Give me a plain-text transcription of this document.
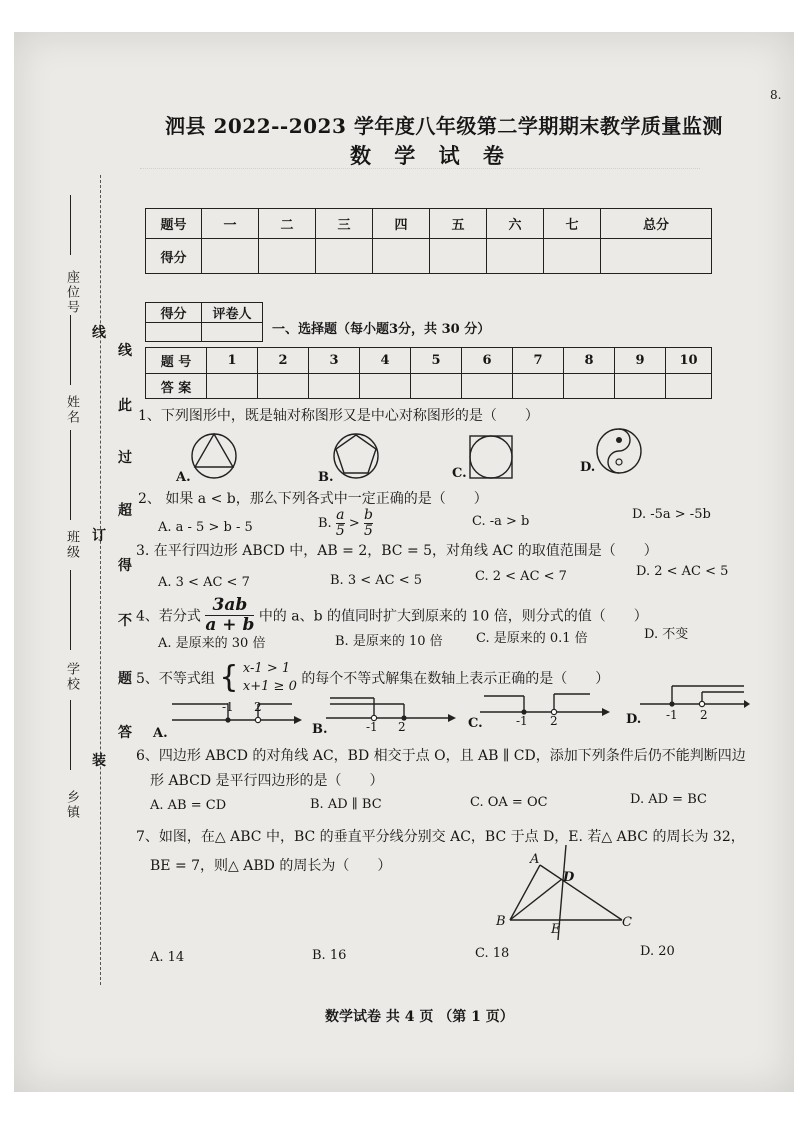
8.
座位号
姓名
班级
学校
乡镇
线
订
装
线
此
过
超
得
不
题
答
泗县 2022--2023 学年度八年级第二学期期末教学质量监测
数 学 试 卷
题号	一	二	三	四	五	六	七	总分
得分								
得分	评卷人

一、选择题（每小题3分，共 30 分）
题 号	1	2	3	4	5	6	7	8	9	10
答 案										
1、下列图形中，既是轴对称图形又是中心对称图形的是（　　）
A.	B.	C.	D.
2、 如果 a < b，那么下列各式中一定正确的是（　　）
A. a - 5 > b - 5	B. $\frac{a}{5} > \frac{b}{5}$	C. -a > b	D. -5a > -5b
3. 在平行四边形 ABCD 中，AB = 2，BC = 5，对角线 AC 的取值范围是（　　）
A. 3 < AC < 7	B. 3 < AC < 5	C. 2 < AC < 7	D. 2 < AC < 5
4、若分式 $\frac{3ab}{a + b}$ 中的 a、b 的值同时扩大到原来的 10 倍，则分式的值（　　）
A. 是原来的 30 倍	B. 是原来的 10 倍	C. 是原来的 0.1 倍	D. 不变
5、不等式组 { x-1 > 1
x+1 ≥ 0 的每个不等式解集在数轴上表示正确的是（　　）
A.
-1 2
B.	-1 2	C.	-1 2	D. -1 2
6、四边形 ABCD 的对角线 AC，BD 相交于点 O，且 AB ∥ CD，添加下列条件后仍不能判断四边
形 ABCD 是平行四边形的是（　　）
A. AB = CD	B. AD ∥ BC	C. OA = OC	D. AD = BC
7、如图，在△ ABC 中，BC 的垂直平分线分别交 AC，BC 于点 D，E. 若△ ABC 的周长为 32，
BE = 7，则△ ABD 的周长为（　　）	A
D
B
E	C
A. 14	B. 16	C. 18	D. 20
数学试卷 共 4 页 （第 1 页）
